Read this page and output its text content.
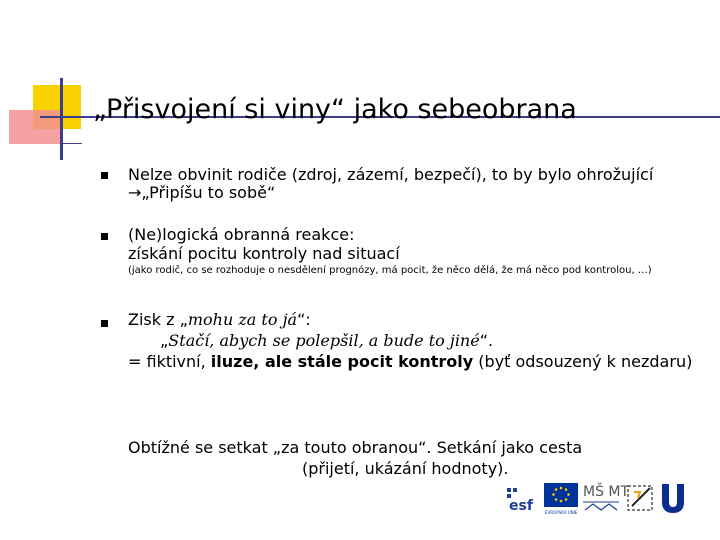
„Přisvojení si viny“ jako sebeobrana
Nelze obvinit rodiče (zdroj, zázemí, bezpečí), to by bylo ohrožující
→„Připíšu to sobě“
(Ne)logická obranná reakce:
získání pocitu kontroly nad situací
(jako rodič, co se rozhoduje o nesdělení prognózy, má pocit, že něco dělá, že má něco pod kontrolou, …)
Zisk z „mohu za to já“:
„Stačí, abych se polepšil, a bude to jiné“.
= fiktivní, iluze, ale stále pocit kontroly (byť odsouzený k nezdaru)
Obtížné se setkat „za touto obranou“. Setkání jako cesta
(přijetí, ukázání hodnoty).
esf	EVROPSKÁ UNIE
MŠ MT
